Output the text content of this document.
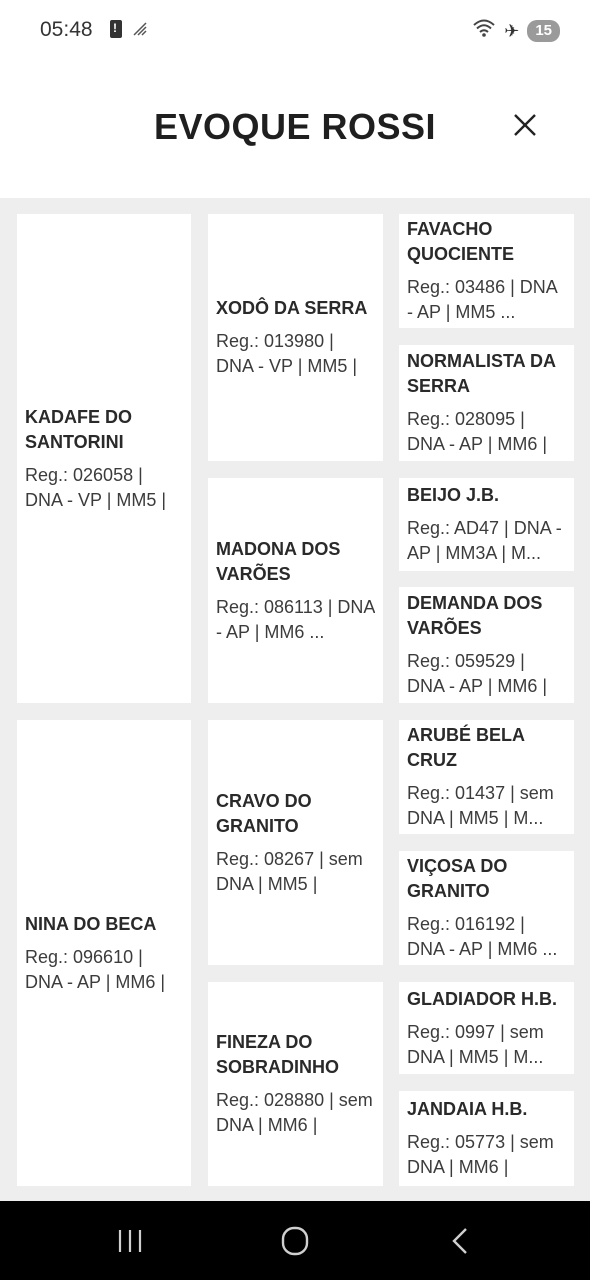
05:48
!	✈	15
EVOQUE ROSSI
KADAFE DO SANTORINI
Reg.: 026058 | DNA - VP | MM5 |
NINA DO BECA
Reg.: 096610 | DNA - AP | MM6 |
XODÔ DA SERRA
Reg.: 013980 | DNA - VP | MM5 |
MADONA DOS VARÕES
Reg.: 086113 | DNA - AP | MM6 ...
CRAVO DO GRANITO
Reg.: 08267 | sem DNA | MM5 |
FINEZA DO SOBRADINHO
Reg.: 028880 | sem DNA | MM6 |
FAVACHO QUOCIENTE
Reg.: 03486 | DNA - AP | MM5 ...
NORMALISTA DA SERRA
Reg.: 028095 | DNA - AP | MM6 |
BEIJO J.B.
Reg.: AD47 | DNA - AP | MM3A | M...
DEMANDA DOS VARÕES
Reg.: 059529 | DNA - AP | MM6 |
ARUBÉ BELA CRUZ
Reg.: 01437 | sem DNA | MM5 | M...
VIÇOSA DO GRANITO
Reg.: 016192 | DNA - AP | MM6 ...
GLADIADOR H.B.
Reg.: 0997 | sem DNA | MM5 | M...
JANDAIA H.B.
Reg.: 05773 | sem DNA | MM6 |
